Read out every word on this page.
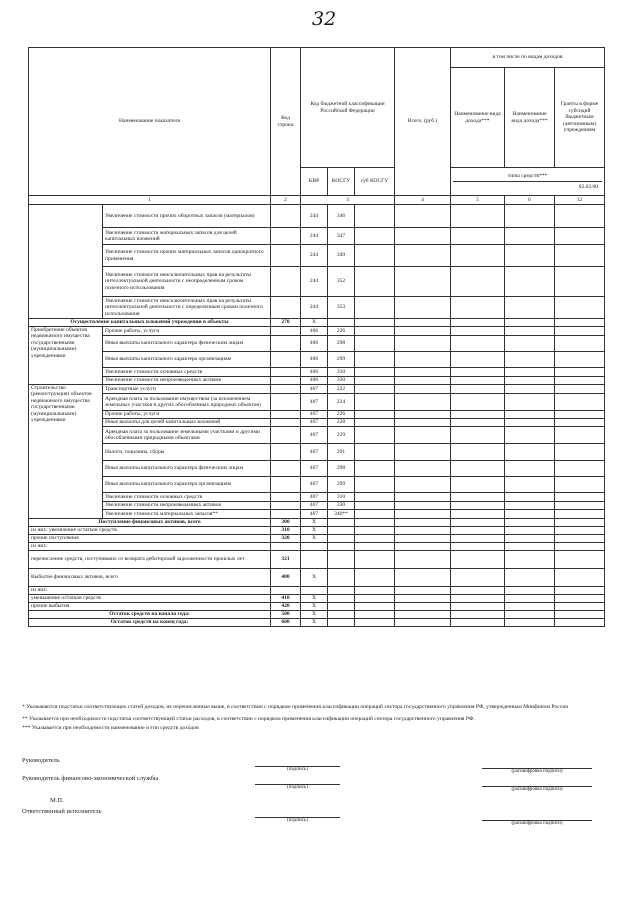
32
Наименование показателя		Код строки	Код бюджетной классификации Российской Федерации			Всего, (руб.)	в том числе по видам доходов		
							Наименование вида дохода***	Наименование вида дохода***	Гранты в форме субсидий бюджетным (автономным) учреждениям
			КВР	КОСГУ	суб КОСГУ		типы средств***
02.03.00		

1		2	3			4	5	6	12
	Увеличение стоимости прочих оборотных запасов (материалов)		244	346					
	Увеличение стоимости материальных запасов для целей капитальных вложений		244	347					
	Увеличение стоимости прочих материальных запасов однократного применения		244	349					
	Увеличение стоимости неисключительных прав на результаты интеллектуальной деятельности с неопределенным сроком полезного использования		244	352					
	Увеличение стоимости неисключительных прав на результаты интеллектуальной деятельности с определенным сроком полезного использования		244	353					
Осуществление капитальных вложений учреждения в объекты		270	X						
Приобретение объектов недвижимого имущества государственными (муниципальными) учреждениями	Прочие работы, услуги		406	226					
	Иные выплаты капитального характера физическим лицам		406	298					
	Иные выплаты капитального характера организациям		406	299					
	Увеличение стоимости основных средств		406	310					
	Увеличение стоимости непроизведенных активов		406	330					
Строительство (реконструкция) объектов недвижимого имущества государственными (муниципальными) учреждениями	Транспортные услуги		407	222					
	Арендная плата за пользование имуществом (за исключением земельных участков и других обособленных природных объектов)		407	224					
	Прочие работы, услуги		407	226					
	Иные выплаты для целей капитальных вложений		407	228					
	Арендная плата за пользование земельными участками и другими обособленными природными объектами		407	229					
	Налоги, пошлины, сборы		407	291					
	Иные выплаты капитального характера физическим лицам		407	298					
	Иные выплаты капитального характера организациям		407	299					
	Увеличение стоимости основных средств		407	310					
	Увеличение стоимости непроизведенных активов		407	330					
	Увеличение стоимости материальных запасов**		407	340**					
Поступление финансовых активов, всего		300	X						
из них: увеличение остатков средств		310	X						
прочие поступления		320	X						
из них:									
перечисление средств, поступивших от возврата дебиторской задолженности прошлых лет		321							
Выбытие финансовых активов, всего		400	X						
из них:									
уменьшение остатков средств		410	X						
прочие выбытия		420	X						
Остаток средств на начало года:		500	X						
Остаток средств на конец года:		600	X						
* Указываются подстатьи соответствующих статей доходов, не перечисленные выше, в соответствии с порядком применения классификации операций сектора государственного управления РФ, утвержденным Минфином России
** Указывается при необходимости подстатья соответствующей статьи расходов, в соответствии с порядком применения классификации операций сектора государственного управления РФ.
*** Указывается при необходимости наименование и тип средств доходов
Руководитель
(подпись)
Руководитель финансово-экономической службы
(подпись)
(расшифровка подписи)
(расшифровка подписи)
М.П.
Ответственный исполнитель
(подпись)
(расшифровка подписи)
